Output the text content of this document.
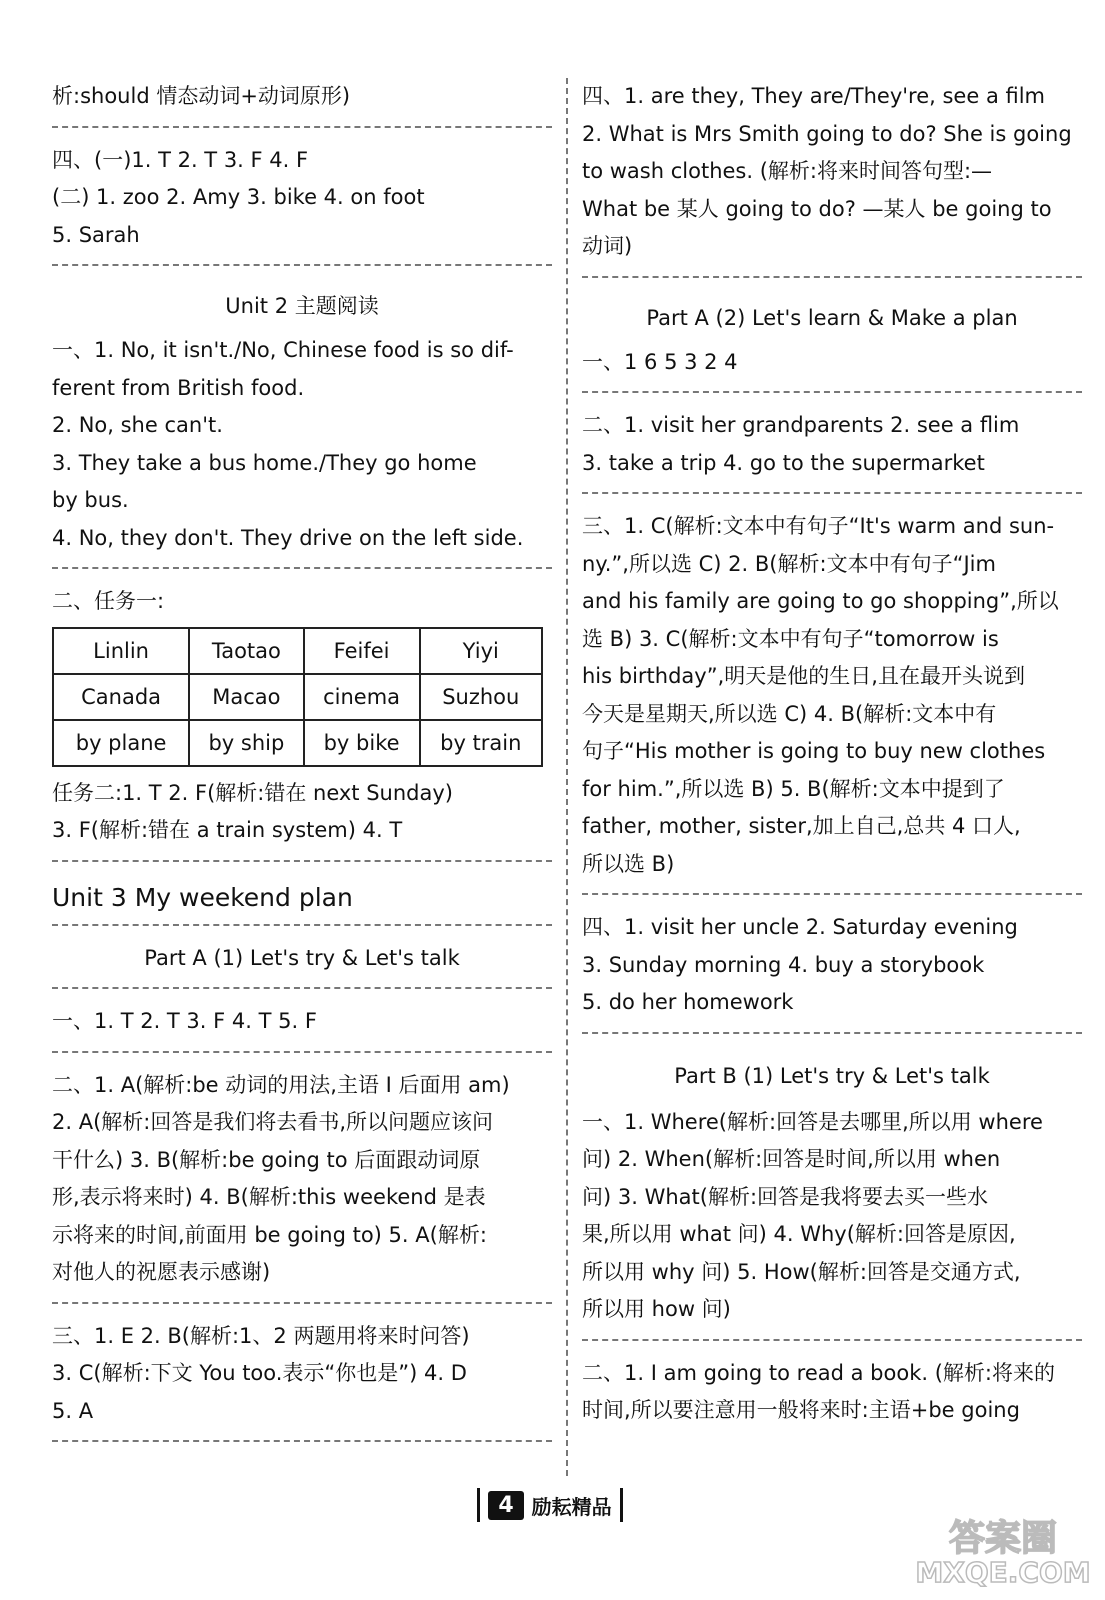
析:should 情态动词+动词原形)
四、(一)1. T 2. T 3. F 4. F
(二) 1. zoo 2. Amy 3. bike 4. on foot
5. Sarah
Unit 2 主题阅读
一、1. No, it isn't./No, Chinese food is so dif-
ferent from British food.
2. No, she can't.
3. They take a bus home./They go home
by bus.
4. No, they don't. They drive on the left side.
二、任务一:
Linlin	Taotao	Feifei	Yiyi
Canada	Macao	cinema	Suzhou
by plane	by ship	by bike	by train
任务二:1. T 2. F(解析:错在 next Sunday)
3. F(解析:错在 a train system) 4. T
Unit 3 My weekend plan
Part A (1) Let's try & Let's talk
一、1. T 2. T 3. F 4. T 5. F
二、1. A(解析:be 动词的用法,主语 I 后面用 am)
2. A(解析:回答是我们将去看书,所以问题应该问
干什么) 3. B(解析:be going to 后面跟动词原
形,表示将来时) 4. B(解析:this weekend 是表
示将来的时间,前面用 be going to) 5. A(解析:
对他人的祝愿表示感谢)
三、1. E 2. B(解析:1、2 两题用将来时问答)
3. C(解析:下文 You too.表示“你也是”) 4. D
5. A
四、1. are they, They are/They're, see a film
2. What is Mrs Smith going to do? She is going
to wash clothes. (解析:将来时间答句型:—
What be 某人 going to do? —某人 be going to
动词)
Part A (2) Let's learn & Make a plan
一、1 6 5 3 2 4
二、1. visit her grandparents 2. see a flim
3. take a trip 4. go to the supermarket
三、1. C(解析:文本中有句子“It's warm and sun-
ny.”,所以选 C) 2. B(解析:文本中有句子“Jim
and his family are going to go shopping”,所以
选 B) 3. C(解析:文本中有句子“tomorrow is
his birthday”,明天是他的生日,且在最开头说到
今天是星期天,所以选 C) 4. B(解析:文本中有
句子“His mother is going to buy new clothes
for him.”,所以选 B) 5. B(解析:文本中提到了
father, mother, sister,加上自己,总共 4 口人,
所以选 B)
四、1. visit her uncle 2. Saturday evening
3. Sunday morning 4. buy a storybook
5. do her homework
Part B (1) Let's try & Let's talk
一、1. Where(解析:回答是去哪里,所以用 where
问) 2. When(解析:回答是时间,所以用 when
问) 3. What(解析:回答是我将要去买一些水
果,所以用 what 问) 4. Why(解析:回答是原因,
所以用 why 问) 5. How(解析:回答是交通方式,
所以用 how 问)
二、1. I am going to read a book. (解析:将来的
时间,所以要注意用一般将来时:主语+be going
4 励耘精品
答案圈
MXQE.COM
